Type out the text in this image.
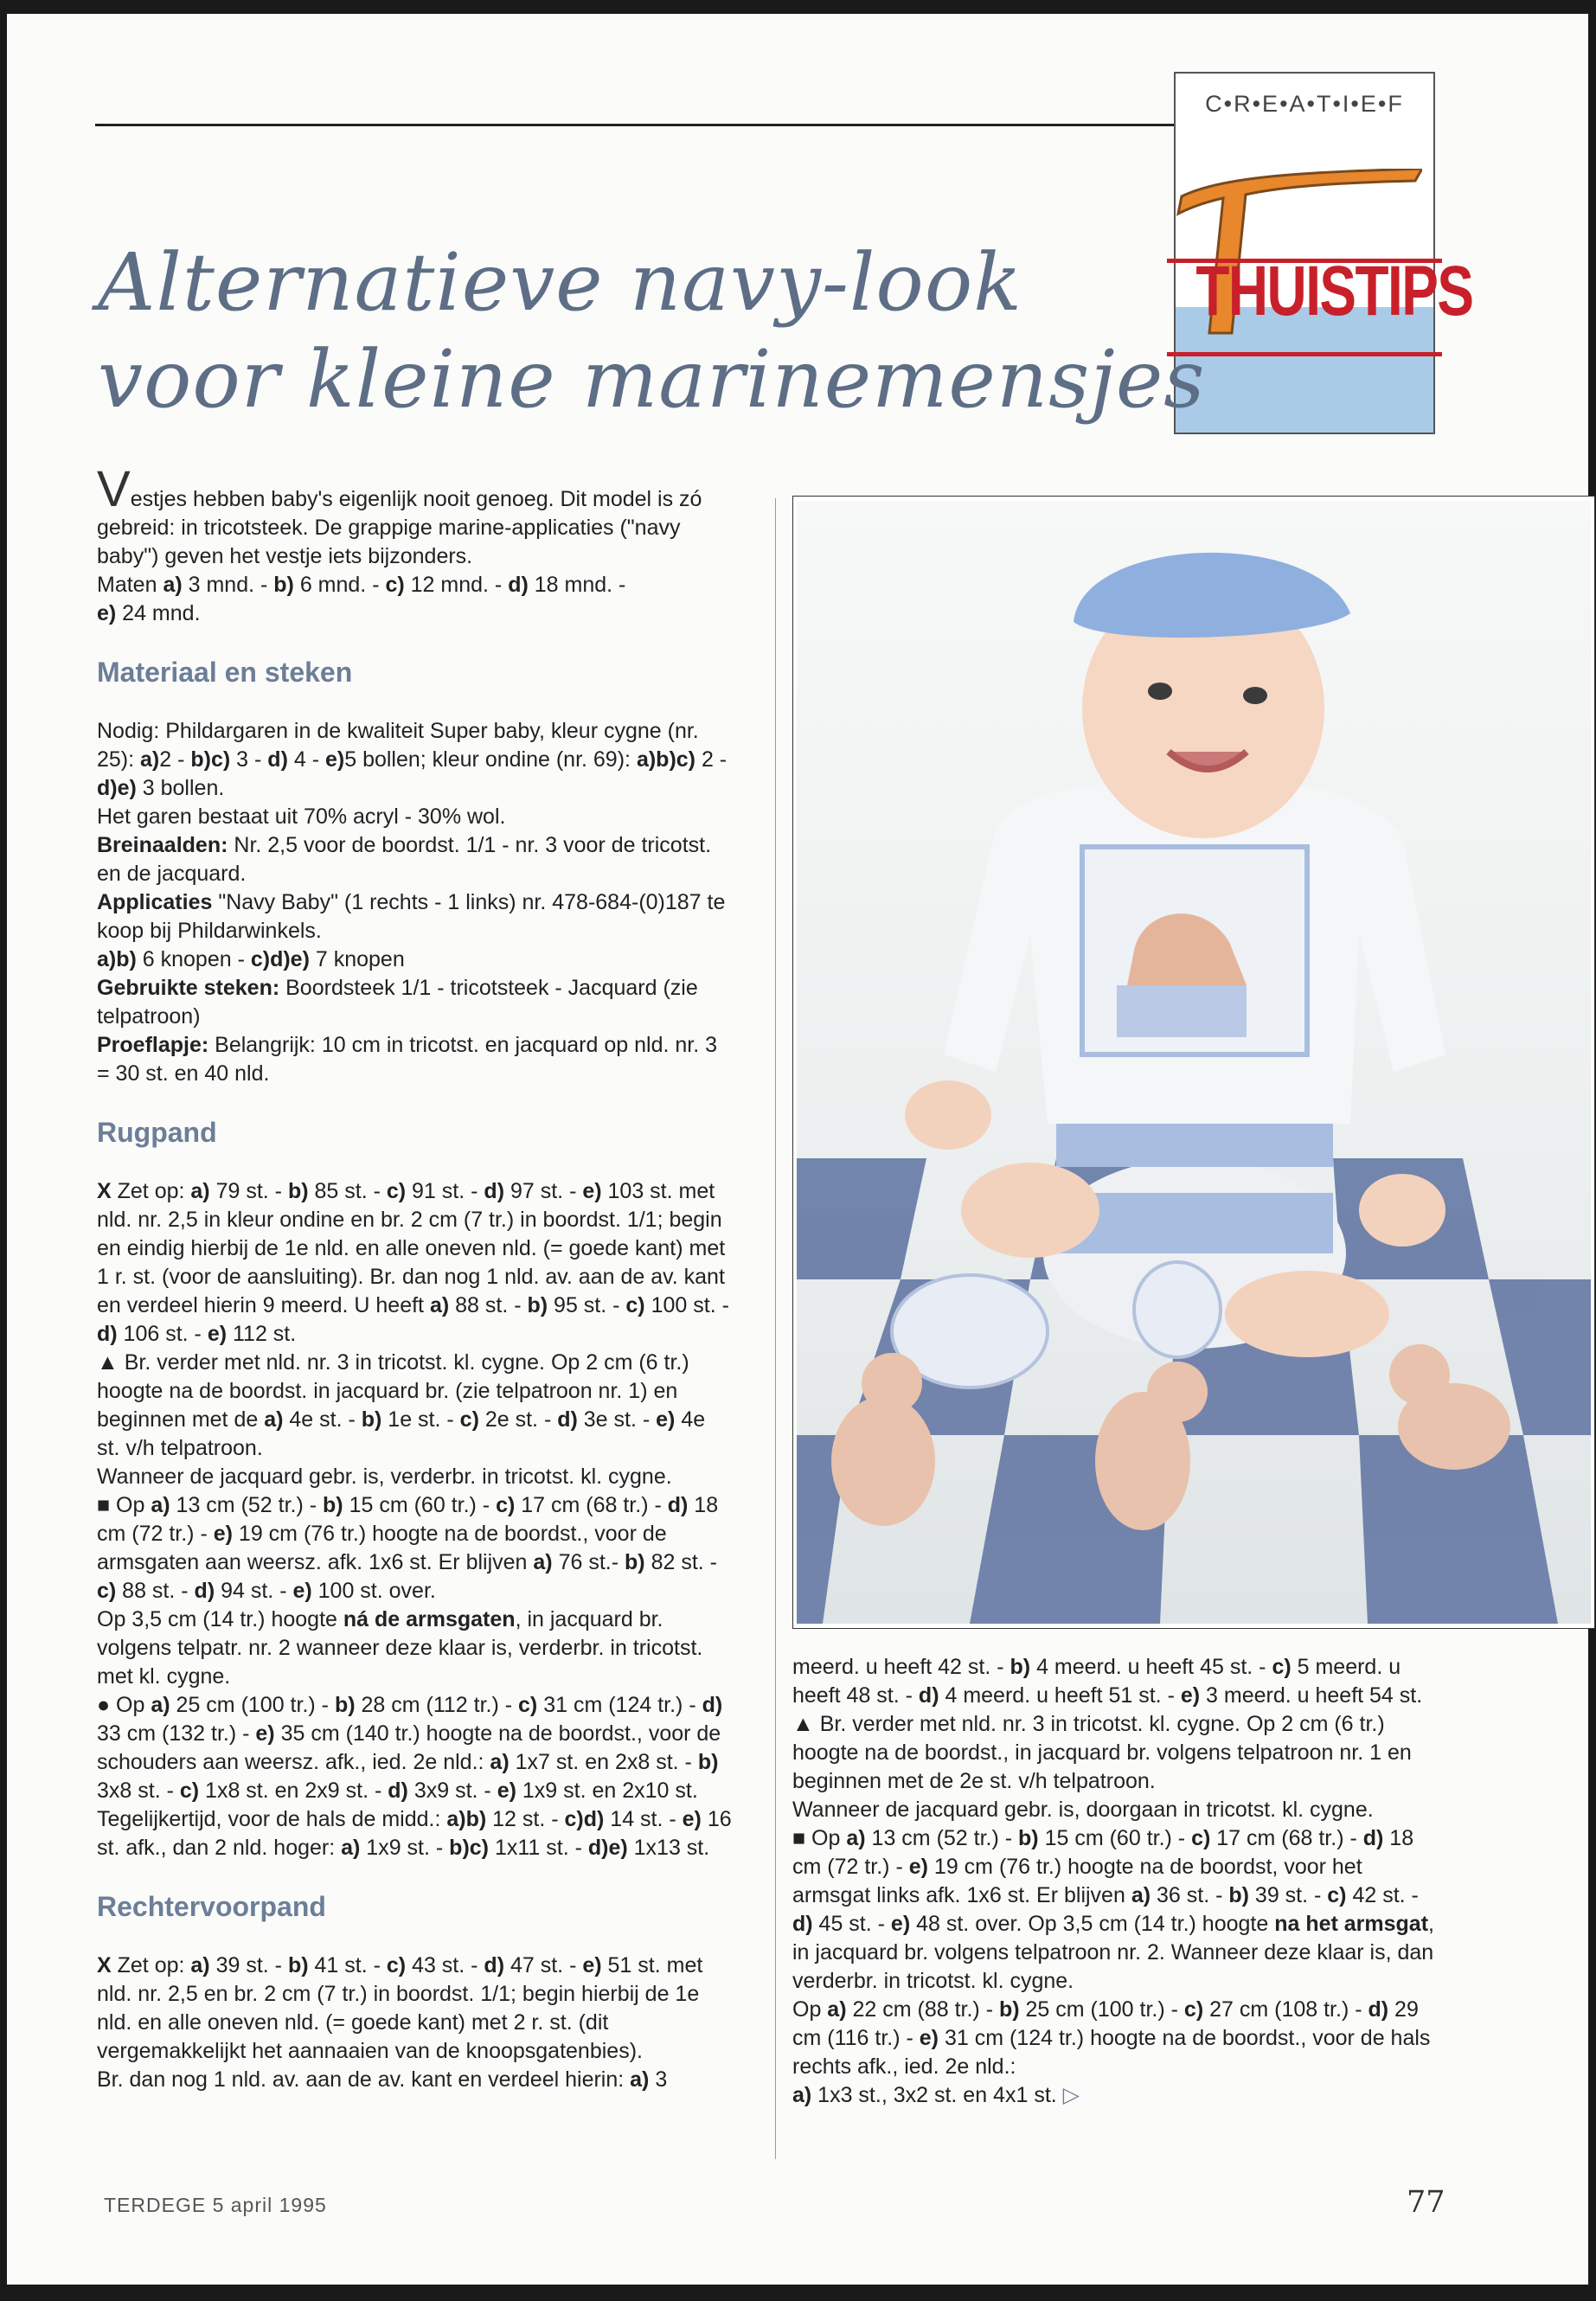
C•R•E•A•T•I•E•F
THUISTIPS
Alternatieve navy-look
voor kleine marinemensjes

Vestjes hebben baby's eigenlijk nooit genoeg. Dit model is zó gebreid: in tricotsteek. De grappige marine-applicaties ("navy baby") geven het vestje iets bijzonders.
Maten a) 3 mnd. - b) 6 mnd. - c) 12 mnd. - d) 18 mnd. -
e) 24 mnd.

Materiaal en steken

Nodig: Phildargaren in de kwaliteit Super baby, kleur cygne (nr. 25): a)2 - b)c) 3 - d) 4 - e)5 bollen; kleur ondine (nr. 69): a)b)c) 2 - d)e) 3 bollen.
Het garen bestaat uit 70% acryl - 30% wol.
Breinaalden: Nr. 2,5 voor de boordst. 1/1 - nr. 3 voor de tricotst. en de jacquard.
Applicaties "Navy Baby" (1 rechts - 1 links) nr. 478-684-(0)187 te koop bij Phildarwinkels.
a)b) 6 knopen - c)d)e) 7 knopen
Gebruikte steken: Boordsteek 1/1 - tricotsteek - Jacquard (zie telpatroon)
Proeflapje: Belangrijk: 10 cm in tricotst. en jacquard op nld. nr. 3 = 30 st. en 40 nld.

Rugpand

X Zet op: a) 79 st. - b) 85 st. - c) 91 st. - d) 97 st. - e) 103 st. met nld. nr. 2,5 in kleur ondine en br. 2 cm (7 tr.) in boordst. 1/1; begin en eindig hierbij de 1e nld. en alle oneven nld. (= goede kant) met 1 r. st. (voor de aansluiting). Br. dan nog 1 nld. av. aan de av. kant en verdeel hierin 9 meerd. U heeft a) 88 st. - b) 95 st. - c) 100 st. - d) 106 st. - e) 112 st.
▲ Br. verder met nld. nr. 3 in tricotst. kl. cygne. Op 2 cm (6 tr.) hoogte na de boordst. in jacquard br. (zie telpatroon nr. 1) en beginnen met de a) 4e st. - b) 1e st. - c) 2e st. - d) 3e st. - e) 4e st. v/h telpatroon.
Wanneer de jacquard gebr. is, verderbr. in tricotst. kl. cygne.
■ Op a) 13 cm (52 tr.) - b) 15 cm (60 tr.) - c) 17 cm (68 tr.) - d) 18 cm (72 tr.) - e) 19 cm (76 tr.) hoogte na de boordst., voor de armsgaten aan weersz. afk. 1x6 st. Er blijven a) 76 st.- b) 82 st. - c) 88 st. - d) 94 st. - e) 100 st. over.
Op 3,5 cm (14 tr.) hoogte ná de armsgaten, in jacquard br. volgens telpatr. nr. 2 wanneer deze klaar is, verderbr. in tricotst. met kl. cygne.
● Op a) 25 cm (100 tr.) - b) 28 cm (112 tr.) - c) 31 cm (124 tr.) - d) 33 cm (132 tr.) - e) 35 cm (140 tr.) hoogte na de boordst., voor de schouders aan weersz. afk., ied. 2e nld.: a) 1x7 st. en 2x8 st. - b) 3x8 st. - c) 1x8 st. en 2x9 st. - d) 3x9 st. - e) 1x9 st. en 2x10 st.
Tegelijkertijd, voor de hals de midd.: a)b) 12 st. - c)d) 14 st. - e) 16 st. afk., dan 2 nld. hoger: a) 1x9 st. - b)c) 1x11 st. - d)e) 1x13 st.

Rechtervoorpand

X Zet op: a) 39 st. - b) 41 st. - c) 43 st. - d) 47 st. - e) 51 st. met nld. nr. 2,5 en br. 2 cm (7 tr.) in boordst. 1/1; begin hierbij de 1e nld. en alle oneven nld. (= goede kant) met 2 r. st. (dit vergemakkelijkt het aannaaien van de knoopsgatenbies).
Br. dan nog 1 nld. av. aan de av. kant en verdeel hierin: a) 3

meerd. u heeft 42 st. - b) 4 meerd. u heeft 45 st. - c) 5 meerd. u heeft 48 st. - d) 4 meerd. u heeft 51 st. - e) 3 meerd. u heeft 54 st.
▲ Br. verder met nld. nr. 3 in tricotst. kl. cygne. Op 2 cm (6 tr.) hoogte na de boordst., in jacquard br. volgens telpatroon nr. 1 en beginnen met de 2e st. v/h telpatroon.
Wanneer de jacquard gebr. is, doorgaan in tricotst. kl. cygne.
■ Op a) 13 cm (52 tr.) - b) 15 cm (60 tr.) - c) 17 cm (68 tr.) - d) 18 cm (72 tr.) - e) 19 cm (76 tr.) hoogte na de boordst, voor het armsgat links afk. 1x6 st. Er blijven a) 36 st. - b) 39 st. - c) 42 st. - d) 45 st. - e) 48 st. over. Op 3,5 cm (14 tr.) hoogte na het armsgat, in jacquard br. volgens telpatroon nr. 2. Wanneer deze klaar is, dan verderbr. in tricotst. kl. cygne.
Op a) 22 cm (88 tr.) - b) 25 cm (100 tr.) - c) 27 cm (108 tr.) - d) 29 cm (116 tr.) - e) 31 cm (124 tr.) hoogte na de boordst., voor de hals rechts afk., ied. 2e nld.:
a) 1x3 st., 3x2 st. en 4x1 st. ▷

TERDEGE 5 april 1995	77
